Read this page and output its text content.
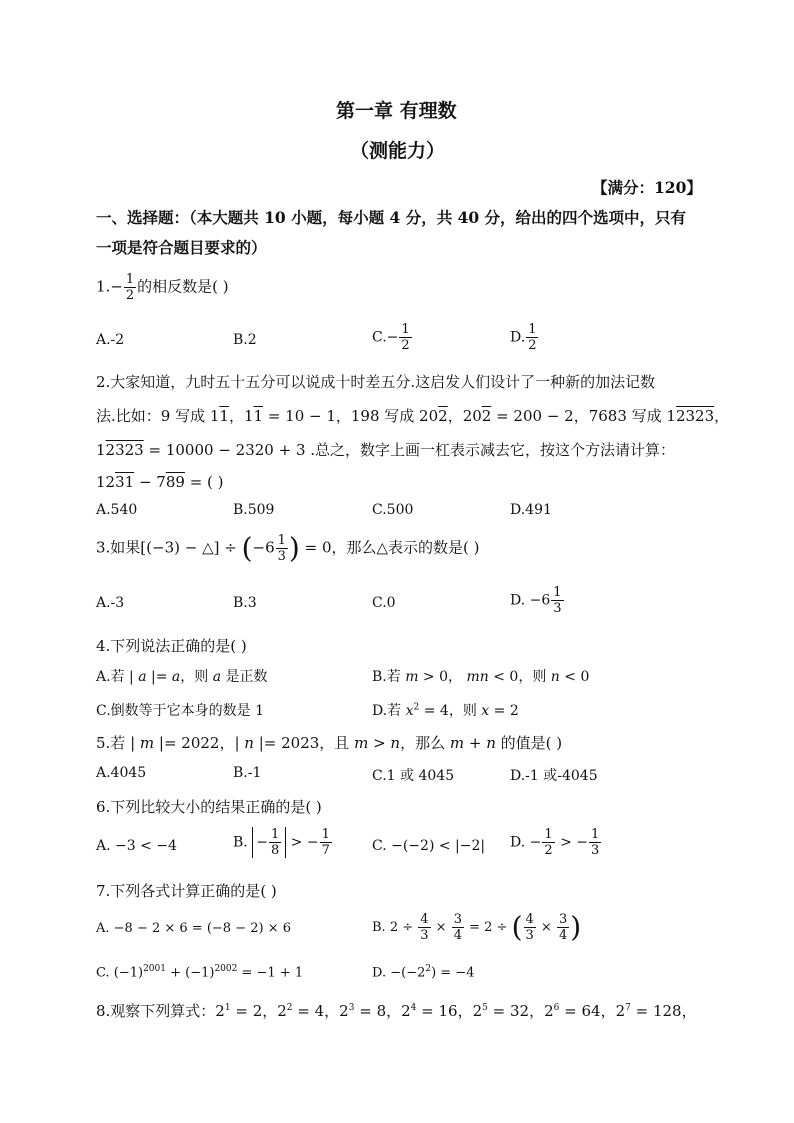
第一章 有理数
（测能力）
【满分：120】
一、选择题：（本大题共 10 小题，每小题 4 分，共 40 分，给出的四个选项中，只有
一项是符合题目要求的）
$1.- \frac{1}{2}$ 的相反数是( )
A.-2	B.2	$C.- \frac{1}{2}$	D. $\frac{1}{2}$
2.大家知道，九时五十五分可以说成十时差五分.这启发人们设计了一种新的加法记数
法.比如：9 写成 11，11 = 10 − 1，198 写成 202，202 = 200 − 2，7683 写成 12323，
12323 = 10000 − 2320 + 3 .总之，数字上画一杠表示减去它，按这个方法请计算：
1231 − 789 = ( )
A.540	B.509	C.500	D.491
3.如果[(−3) − △] ÷ ($-6 \frac{1}{3}$ ) = 0，那么△表示的数是( )
A.-3	B.3	C.0	D. $-6 \frac{1}{3}$
4.下列说法正确的是( )
A.若 | a |= a，则 a 是正数	B.若 m > 0， mn < 0，则 n < 0
C.倒数等于它本身的数是 1	D.若 $x^2 = 4$，则 x = 2
5.若 | m |= 2022，| n |= 2023，且 m > n，那么 m + n 的值是( )
A.4045	B.-1	C.1 或 4045	D.-1 或-4045
6.下列比较大小的结果正确的是( )
A. −3 < −4	B. − $\frac{1}{8}$ > − $\frac{1}{7}$	C. −(−2) < |−2| D. − $\frac{1}{2}$ > − $\frac{1}{3}$
7.下列各式计算正确的是( )
A. −8 − 2 × 6 = (−8 − 2) × 6	B. $2 \div \frac{4}{3} \times \frac{3}{4} = 2$ ÷ ( $\frac{4}{3} \times \frac{3}{4}$ )
C. $(-1)^{2001} + (-1)^{2002} = -1 + 1$	D. $-(-2^2) = -4$
8.观察下列算式：$2^1 = 2$，$2^2 = 4$，$2^3 = 8$，$2^4 = 16$，$2^5 = 32$，$2^6 = 64$，$2^7 = 128$，
